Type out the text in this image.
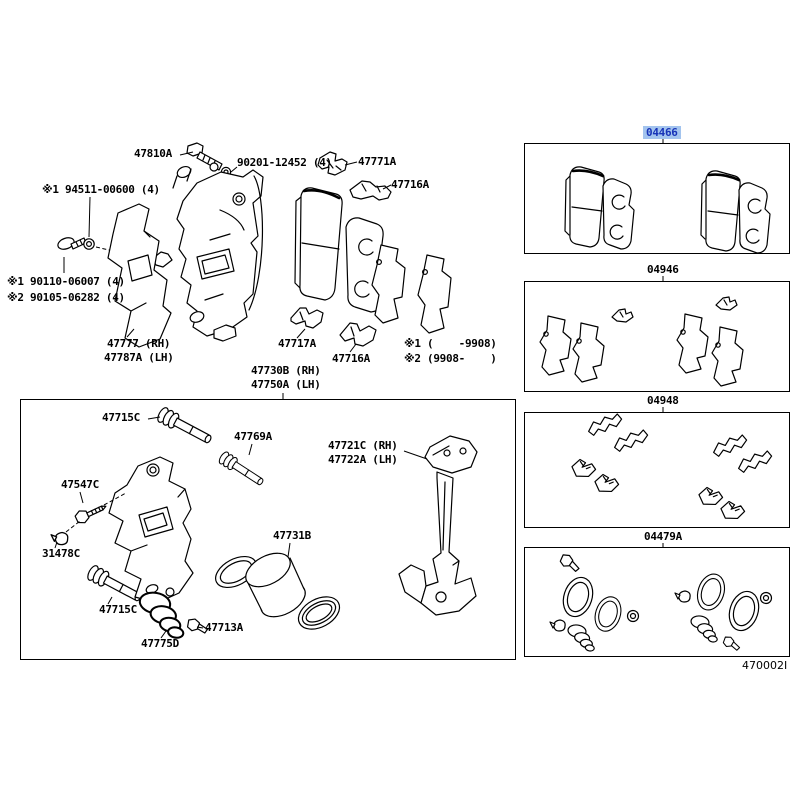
47810A
90201-12452 (4) 47771A
47716A
※1 94511-00600 (4)
※1 90110-06007 (4)
※2 90105-06282 (4)
47777 (RH)
47787A (LH)
47717A
47716A
※1 (    -9908)
※2 (9908-    )
47730B (RH)
47750A (LH)
47715C
47769A
47721C (RH)
47722A (LH)
47547C
31478C
47731B
47715C
47713A
47775D
04466
04946
04948
04479A
470002I
